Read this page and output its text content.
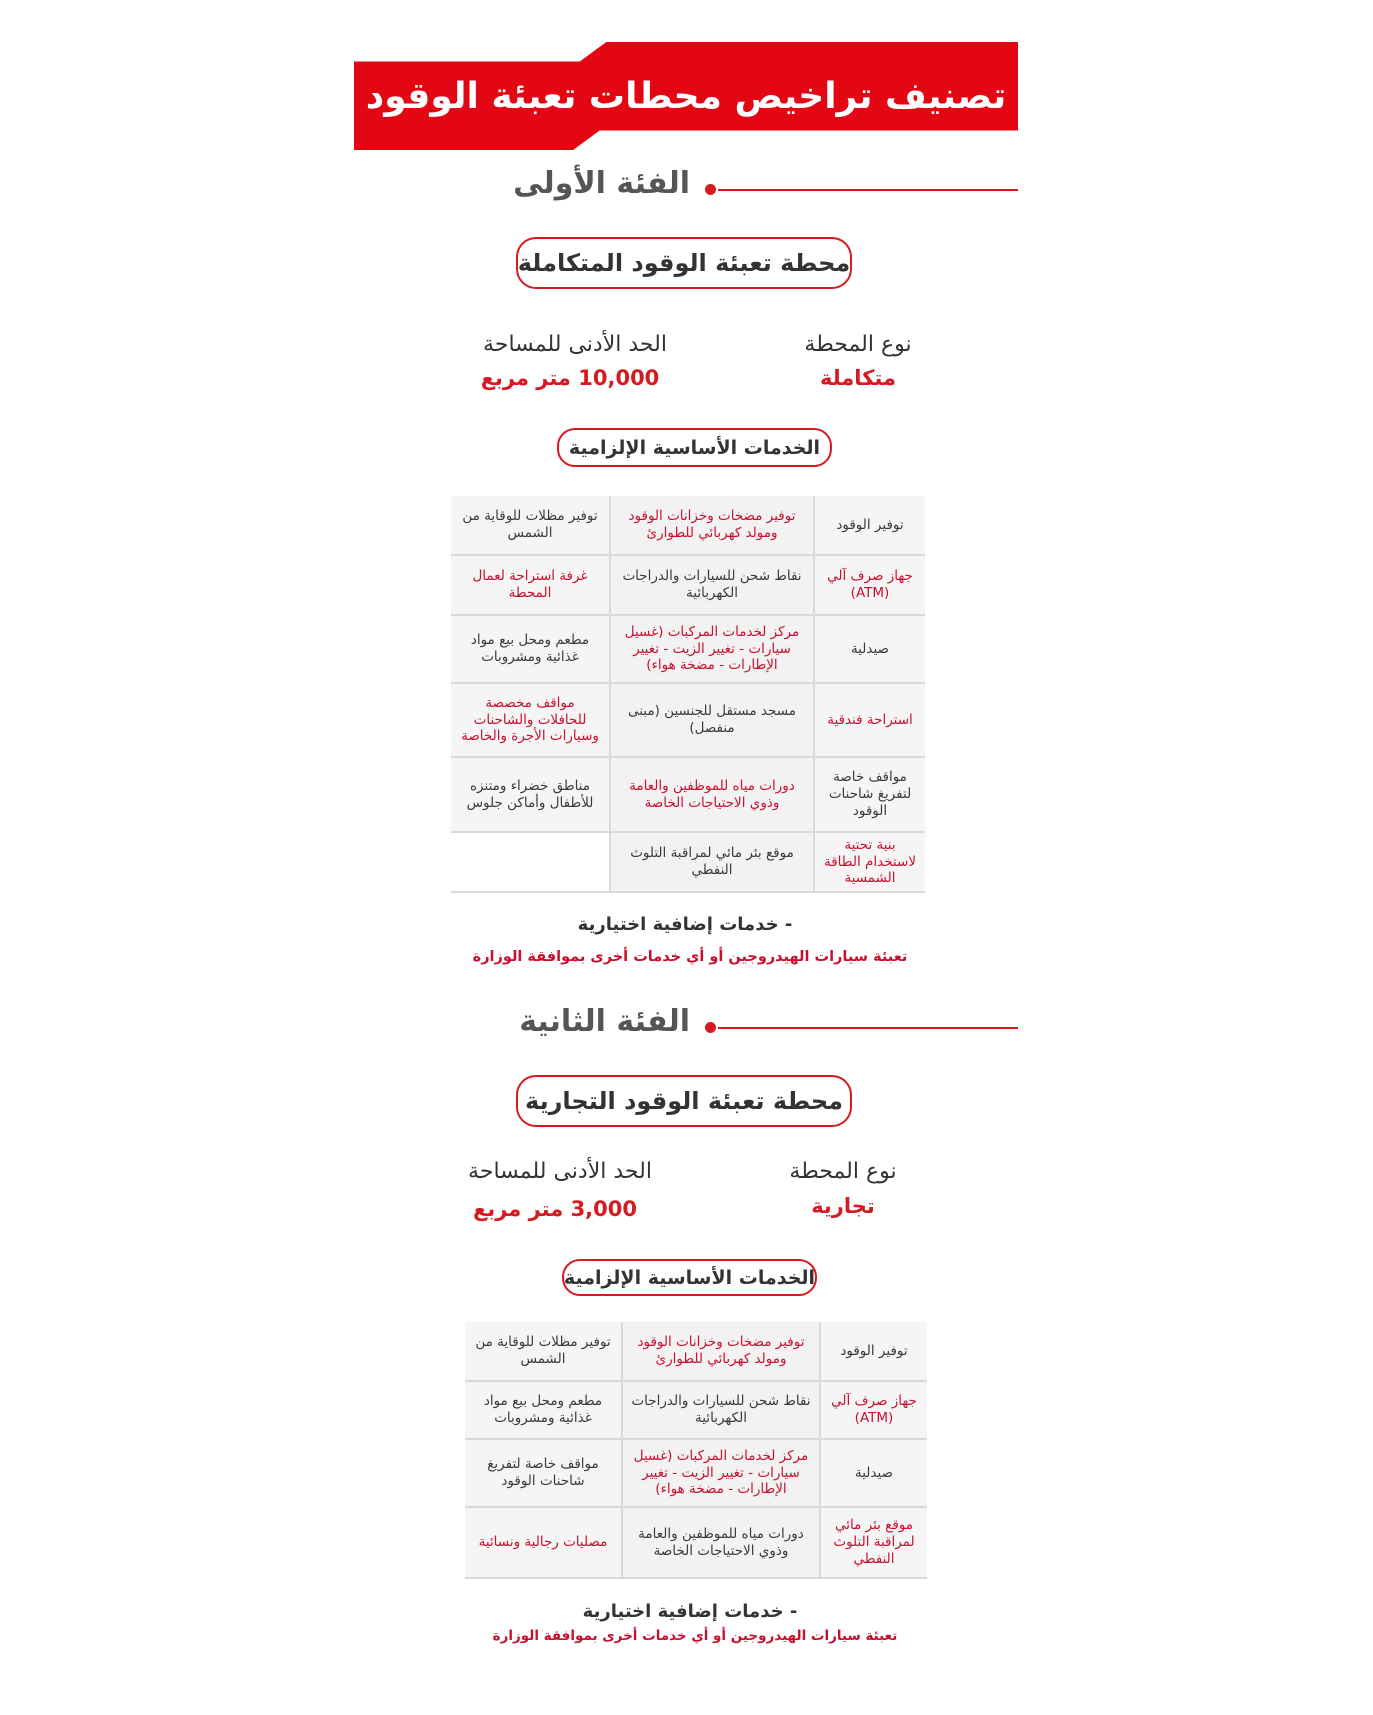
تصنيف تراخيص محطات تعبئة الوقود
الفئة الأولى
محطة تعبئة الوقود المتكاملة
نوع المحطة
متكاملة
الحد الأدنى للمساحة
10,000 متر مربع
الخدمات الأساسية الإلزامية
توفير الوقود
توفير مضخات وخزانات الوقود ومولد كهربائي للطوارئ
توفير مظلات للوقاية من الشمس
جهاز صرف آلي (ATM)
نقاط شحن للسيارات والدراجات الكهربائية
غرفة استراحة لعمال المحطة
صيدلية
مركز لخدمات المركبات (غسيل سيارات - تغيير الزيت - تغيير الإطارات - مضخة هواء)
مطعم ومحل بيع مواد غذائية ومشروبات
استراحة فندقية
مسجد مستقل للجنسين (مبنى منفصل)
مواقف مخصصة للحافلات والشاحنات وسيارات الأجرة والخاصة
مواقف خاصة لتفريغ شاحنات الوقود
دورات مياه للموظفين والعامة وذوي الاحتياجات الخاصة
مناطق خضراء ومتنزه للأطفال وأماكن جلوس
بنية تحتية لاستخدام الطاقة الشمسية
موقع بئر مائي لمراقبة التلوث النفطي
- خدمات إضافية اختيارية
تعبئة سيارات الهيدروجين أو أي خدمات أخرى بموافقة الوزارة
الفئة الثانية
محطة تعبئة الوقود التجارية
نوع المحطة
تجارية
الحد الأدنى للمساحة
3,000 متر مربع
الخدمات الأساسية الإلزامية
توفير الوقود
توفير مضخات وخزانات الوقود ومولد كهربائي للطوارئ
توفير مظلات للوقاية من الشمس
جهاز صرف آلي (ATM)
نقاط شحن للسيارات والدراجات الكهربائية
مطعم ومحل بيع مواد غذائية ومشروبات
صيدلية
مركز لخدمات المركبات (غسيل سيارات - تغيير الزيت - تغيير الإطارات - مضخة هواء)
مواقف خاصة لتفريغ شاحنات الوقود
موقع بئر مائي لمراقبة التلوث النفطي
دورات مياه للموظفين والعامة وذوي الاحتياجات الخاصة
مصليات رجالية ونسائية
- خدمات إضافية اختيارية
تعبئة سيارات الهيدروجين أو أي خدمات أخرى بموافقة الوزارة
